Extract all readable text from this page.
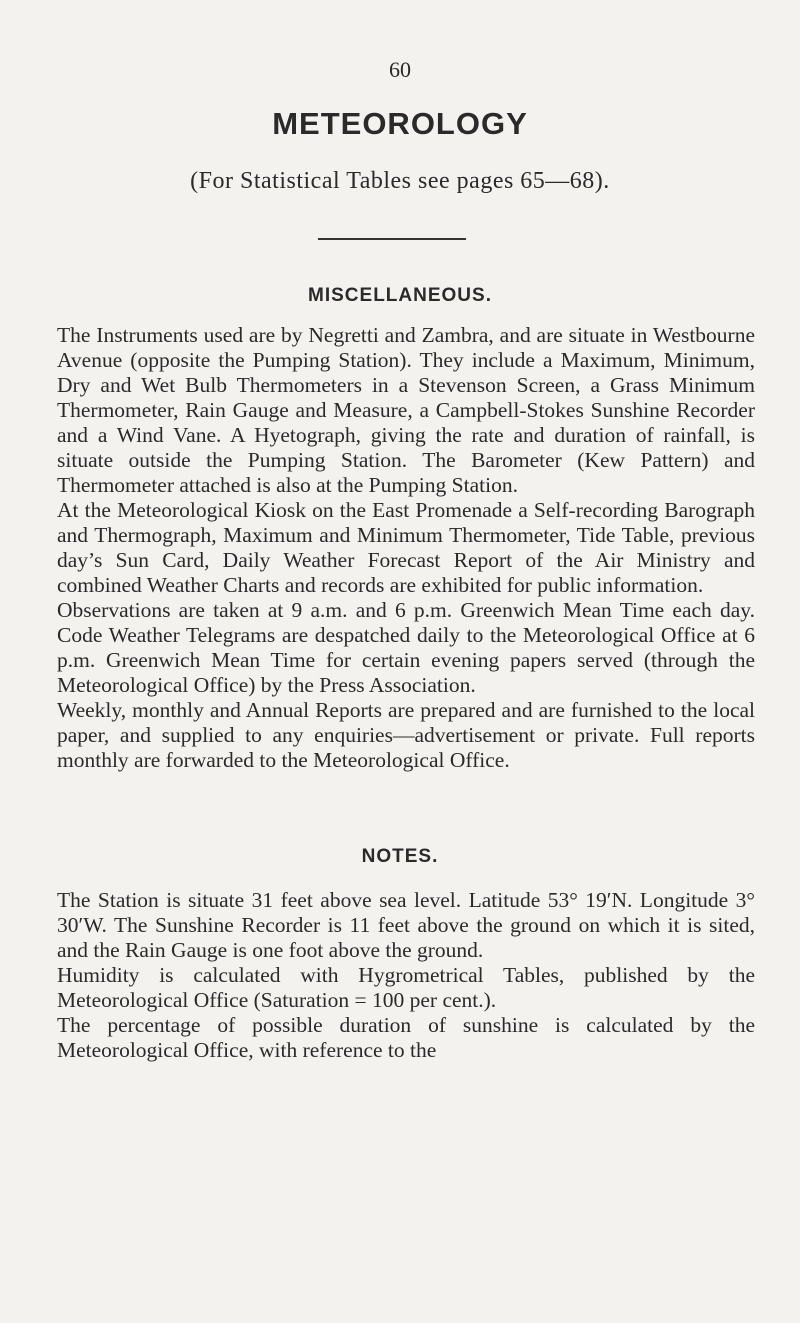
60
METEOROLOGY
(For Statistical Tables see pages 65—68).
MISCELLANEOUS.

The Instruments used are by Negretti and Zambra, and are situate in Westbourne Avenue (opposite the Pumping Station). They include a Maximum, Minimum, Dry and Wet Bulb Thermometers in a Stevenson Screen, a Grass Minimum Thermometer, Rain Gauge and Measure, a Campbell-Stokes Sunshine Recorder and a Wind Vane. A Hyetograph, giving the rate and duration of rainfall, is situate outside the Pumping Station. The Barometer (Kew Pattern) and Thermometer attached is also at the Pumping Station.

At the Meteorological Kiosk on the East Promenade a Self-recording Barograph and Thermograph, Maximum and Minimum Thermometer, Tide Table, previous day’s Sun Card, Daily Weather Forecast Report of the Air Ministry and combined Weather Charts and records are exhibited for public information.

Observations are taken at 9 a.m. and 6 p.m. Greenwich Mean Time each day. Code Weather Telegrams are despatched daily to the Meteorological Office at 6 p.m. Greenwich Mean Time for certain evening papers served (through the Meteorological Office) by the Press Association.

Weekly, monthly and Annual Reports are prepared and are furnished to the local paper, and supplied to any enquiries—advertisement or private. Full reports monthly are forwarded to the Meteorological Office.

NOTES.

The Station is situate 31 feet above sea level. Latitude 53° 19′N. Longitude 3° 30′W. The Sunshine Recorder is 11 feet above the ground on which it is sited, and the Rain Gauge is one foot above the ground.

Humidity is calculated with Hygrometrical Tables, published by the Meteorological Office (Saturation = 100 per cent.).

The percentage of possible duration of sunshine is calculated by the Meteorological Office, with reference to the
